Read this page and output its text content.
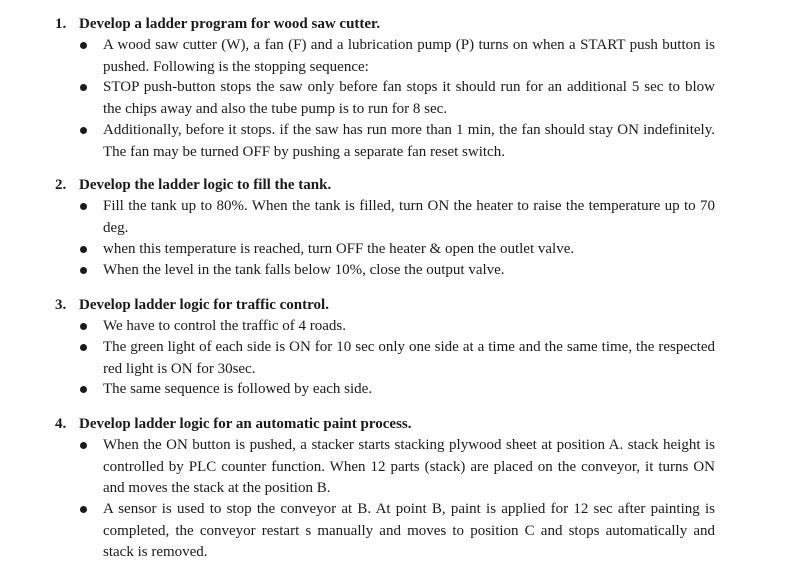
1. Develop a ladder program for wood saw cutter.
A wood saw cutter (W), a fan (F) and a lubrication pump (P) turns on when a START push button is pushed. Following is the stopping sequence:
STOP push-button stops the saw only before fan stops it should run for an additional 5 sec to blow the chips away and also the tube pump is to run for 8 sec.
Additionally, before it stops. if the saw has run more than 1 min, the fan should stay ON indefinitely. The fan may be turned OFF by pushing a separate fan reset switch.
2. Develop the ladder logic to fill the tank.
Fill the tank up to 80%. When the tank is filled, turn ON the heater to raise the temperature up to 70 deg.
when this temperature is reached, turn OFF the heater & open the outlet valve.
When the level in the tank falls below 10%, close the output valve.
3. Develop ladder logic for traffic control.
We have to control the traffic of 4 roads.
The green light of each side is ON for 10 sec only one side at a time and the same time, the respected red light is ON for 30sec.
The same sequence is followed by each side.
4. Develop ladder logic for an automatic paint process.
When the ON button is pushed, a stacker starts stacking plywood sheet at position A. stack height is controlled by PLC counter function. When 12 parts (stack) are placed on the conveyor, it turns ON and moves the stack at the position B.
A sensor is used to stop the conveyor at B. At point B, paint is applied for 12 sec after painting is completed, the conveyor restart s manually and moves to position C and stops automatically and stack is removed.
